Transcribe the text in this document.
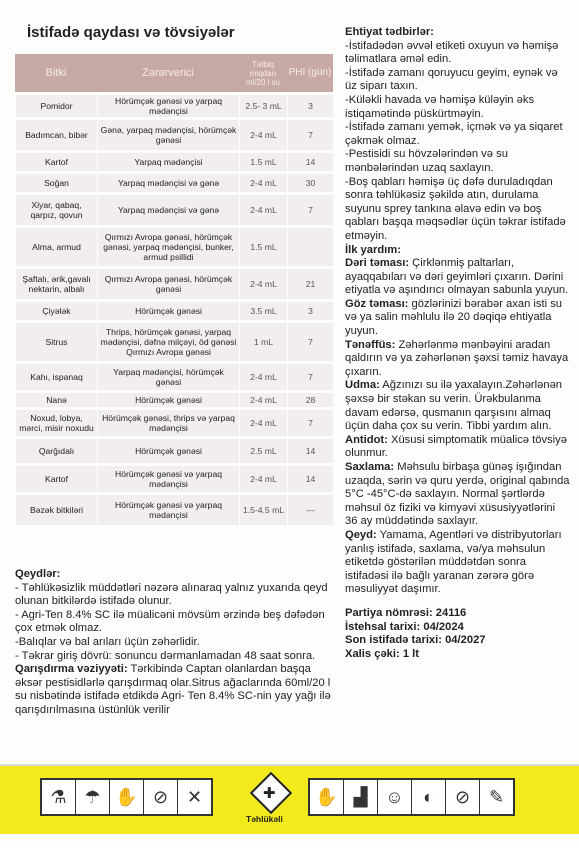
İstifadə qaydası və tövsiyələr
Bitki	Zərərverici	Tətbiq miqdarı ml/20 l su	PHI (gün)
Pomidor	Hörümçək gənəsi və yarpaq mədənçisi	2.5- 3 mL	3
Badımcan, bibər	Gənə, yarpaq mədənçisi, hörümçək gənəsi	2-4 mL	7
Kartof	Yarpaq mədənçisi	1.5 mL	14
Soğan	Yarpaq mədənçisi və gənə	2-4 mL	30
Xiyar, qabaq, qarpız, qovun	Yarpaq mədənçisi və gənə	2-4 mL	7
Alma, armud	Qırmızı Avropa gənəsi, hörümçək gənəsi, yarpaq mədənçisi, bunker, armud psillidi	1.5 mL	
Şaftalı, ərik,gavalı nektarin, albalı	Qırmızı Avropa gənəsi, hörümçək gənəsi	2-4 mL	21
Çiyələk	Hörümçək gənəsi	3.5 mL	3
Sitrus	Thrips, hörümçək gənəsi, yarpaq mədənçisi, dəfnə milçəyi, öd gənəsi Qırmızı Avropa gənəsi	1 mL	7
Kahı, ispanaq	Yarpaq mədənçisi, hörümçək gənəsi	2-4 mL	7
Nanə	Hörümçək gənəsi	2-4 mL	28
Noxud, lobya, mərci, misir noxudu	Hörümçək gənəsi, thrips və yarpaq mədənçisi	2-4 mL	7
Qarğıdalı	Hörümçək gənəsi	2.5 mL	14
Kartof	Hörümçək gənəsi və yarpaq mədənçisi	2-4 mL	14
Bəzək bitkiləri	Hörümçək gənəsi və yarpaq mədənçisi	1.5-4.5 mL	---

Qeydlər:

- Təhlükəsizlik müddətləri nəzərə alınaraq yalnız yuxarıda qeyd olunan bitkilərdə istifadə olunur.

- Agri-Ten 8.4% SC ilə müalicəni mövsüm ərzində beş dəfədən çox etmək olmaz.

-Balıqlar və bal arıları üçün zəhərlidir.

- Təkrar giriş dövrü: sonuncu dərmanlamadan 48 saat sonra.

Qarışdırma vəziyyəti: Tərkibində Captan olanlardan başqa əksər pestisidlərlə qarışdırmaq olar.Sitrus ağaclarında 60ml/20 l su nisbətində istifadə etdikdə Agri- Ten 8.4% SC-nin yay yağı ilə qarışdırılmasına üstünlük verilir

Ehtiyat tədbirlər:

-İstifadədən əvvəl etiketi oxuyun və həmişə təlimatlara əməl edin.

-İstifadə zamanı qoruyucu geyim, eynək və üz siparı taxın.

-Küləkli havada və həmişə küləyin əks istiqamətində püskürtməyin.

-İstifadə zamanı yemək, içmək və ya siqaret çəkmək olmaz.

-Pestisidi su hövzələrindən və su mənbələrindən uzaq saxlayın.

-Boş qabları həmişə üç dəfə duruladıqdan sonra təhlükəsiz şəkildə atın, durulama suyunu sprey tankına əlavə edin və boş qabları başqa məqsədlər üçün təkrar istifadə etməyin.

İlk yardım:

Dəri təması: Çirklənmiş paltarları, ayaqqabıları və dəri geyimləri çıxarın. Dərini etiyatla və aşındırıcı olmayan sabunla yuyun.

Göz təması: gözlərinizi bərabər axan isti su və ya salin məhlulu ilə 20 dəqiqə ehtiyatla yuyun.

Tənəffüs: Zəhərlənmə mənbəyini aradan qaldırın və ya zəhərlənən şəxsi təmiz havaya çıxarın.

Udma: Ağzınızı su ilə yaxalayın.Zəhərlənən şəxsə bir stəkan su verin. Ürəkbulanma davam edərsə, qusmanın qarşısını almaq üçün daha çox su verin. Tibbi yardım alın.

Antidot: Xüsusi simptomatik müalicə tövsiyə olunmur.

Saxlama: Məhsulu birbaşa günəş işığından uzaqda, sərin və quru yerdə, original qabında 5°C -45°C-də saxlayın. Normal şərtlərdə məhsul öz fiziki və kimyəvi xüsusiyyətlərini 36 ay müddətində saxlayır.

Qeyd: Yamama, Agentləri və distribyutorları yanlış istifadə, saxlama, və/ya məhsulun etiketdə göstərilən müddətdən sonra istifadəsi ilə bağlı yaranan zərərə görə məsuliyyət daşımır.

Partiya nömrəsi: 24116

İstehsal tarixi: 04/2024

Son istifadə tarixi: 04/2027

Xalis çəki: 1 lt

⚗ ☂ ✋ ⊘	✕	✚
Təhlükəli
✋ ▟ ☺	◐	⊘	✎
